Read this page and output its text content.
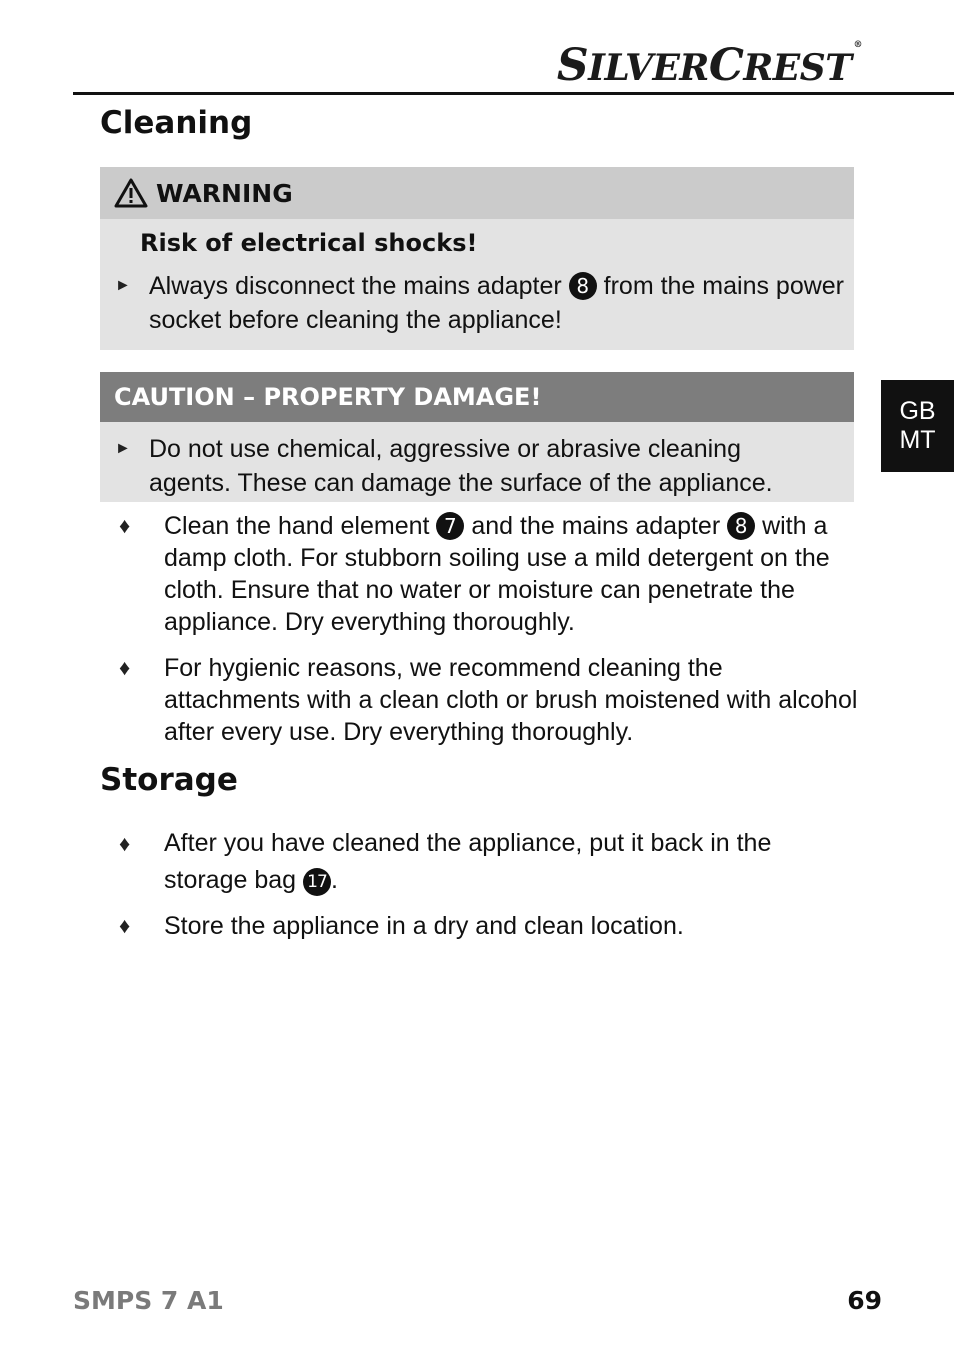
SILVERCREST®
Cleaning
WARNING
Risk of electrical shocks!
► Always disconnect the mains adapter 8 from the mains power socket before cleaning the appliance!
CAUTION – PROPERTY DAMAGE!
► Do not use chemical, aggressive or abrasive cleaning agents. These can damage the surface of the appliance.
♦ Clean the hand element 7 and the mains adapter 8 with a damp cloth. For stubborn soiling use a mild detergent on the cloth. Ensure that no water or moisture can penetrate the appliance. Dry everything thoroughly.
♦ For hygienic reasons, we recommend cleaning the attachments with a clean cloth or brush moistened with alcohol after every use. Dry everything thoroughly.
Storage
♦ After you have cleaned the appliance, put it back in the storage bag 17 .
♦ Store the appliance in a dry and clean location.
GB
MT
SMPS 7 A1	69
